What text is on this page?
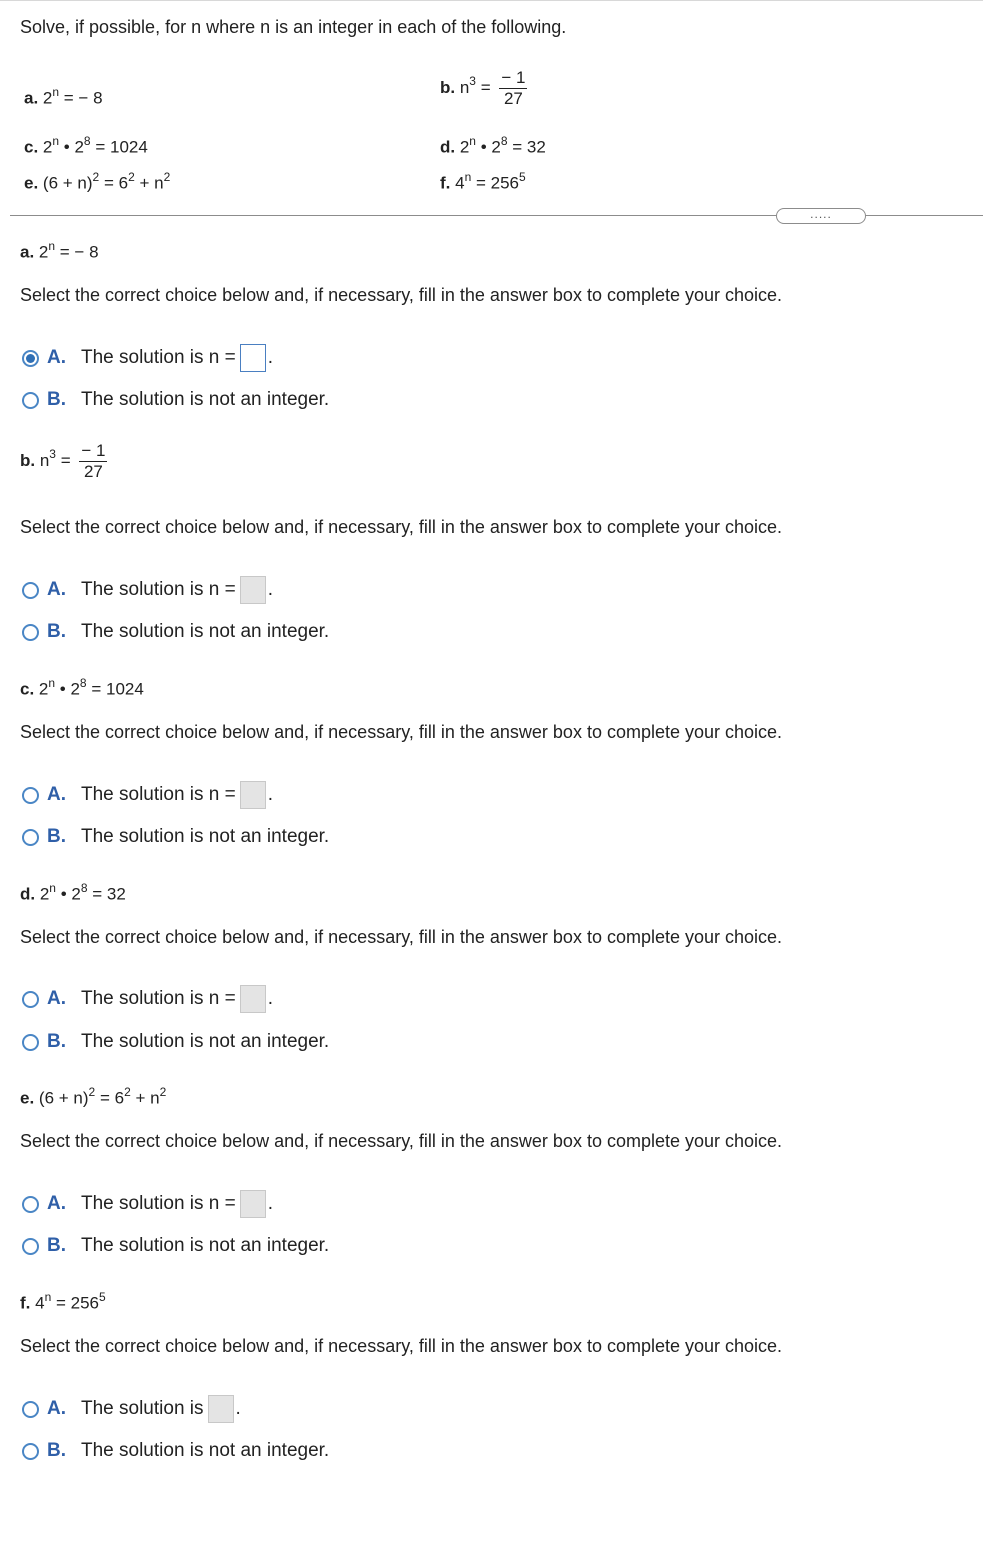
Solve, if possible, for n where n is an integer in each of the following.
a. $2^n$ = − 8
b. $n^3 = \frac{- 1}{27}$
c. 2$^n$ • $2^8 = 1024$	d. 2$^n$ • $2^8 = 32$
e. $(6 + n)^2 = 6^2 + n^2$	f. $4^n = 256^5$
.....
a. $2^n$ = − 8
Select the correct choice below and, if necessary, fill in the answer box to complete your choice.
A. The solution is n = .
B. The solution is not an integer.
b. $n^3 = \frac{- 1}{27}$
Select the correct choice below and, if necessary, fill in the answer box to complete your choice.
A. The solution is n = .
B. The solution is not an integer.
c. 2$^n$ • $2^8 = 1024$
Select the correct choice below and, if necessary, fill in the answer box to complete your choice.
A. The solution is n = .
B. The solution is not an integer.
d. 2$^n$ • $2^8 = 32$
Select the correct choice below and, if necessary, fill in the answer box to complete your choice.
A. The solution is n = .
B. The solution is not an integer.
e. $(6 + n)^2 = 6^2 + n^2$
Select the correct choice below and, if necessary, fill in the answer box to complete your choice.
A. The solution is n = .
B. The solution is not an integer.
f. $4^n = 256^5$
Select the correct choice below and, if necessary, fill in the answer box to complete your choice.
A. The solution is .
B. The solution is not an integer.
